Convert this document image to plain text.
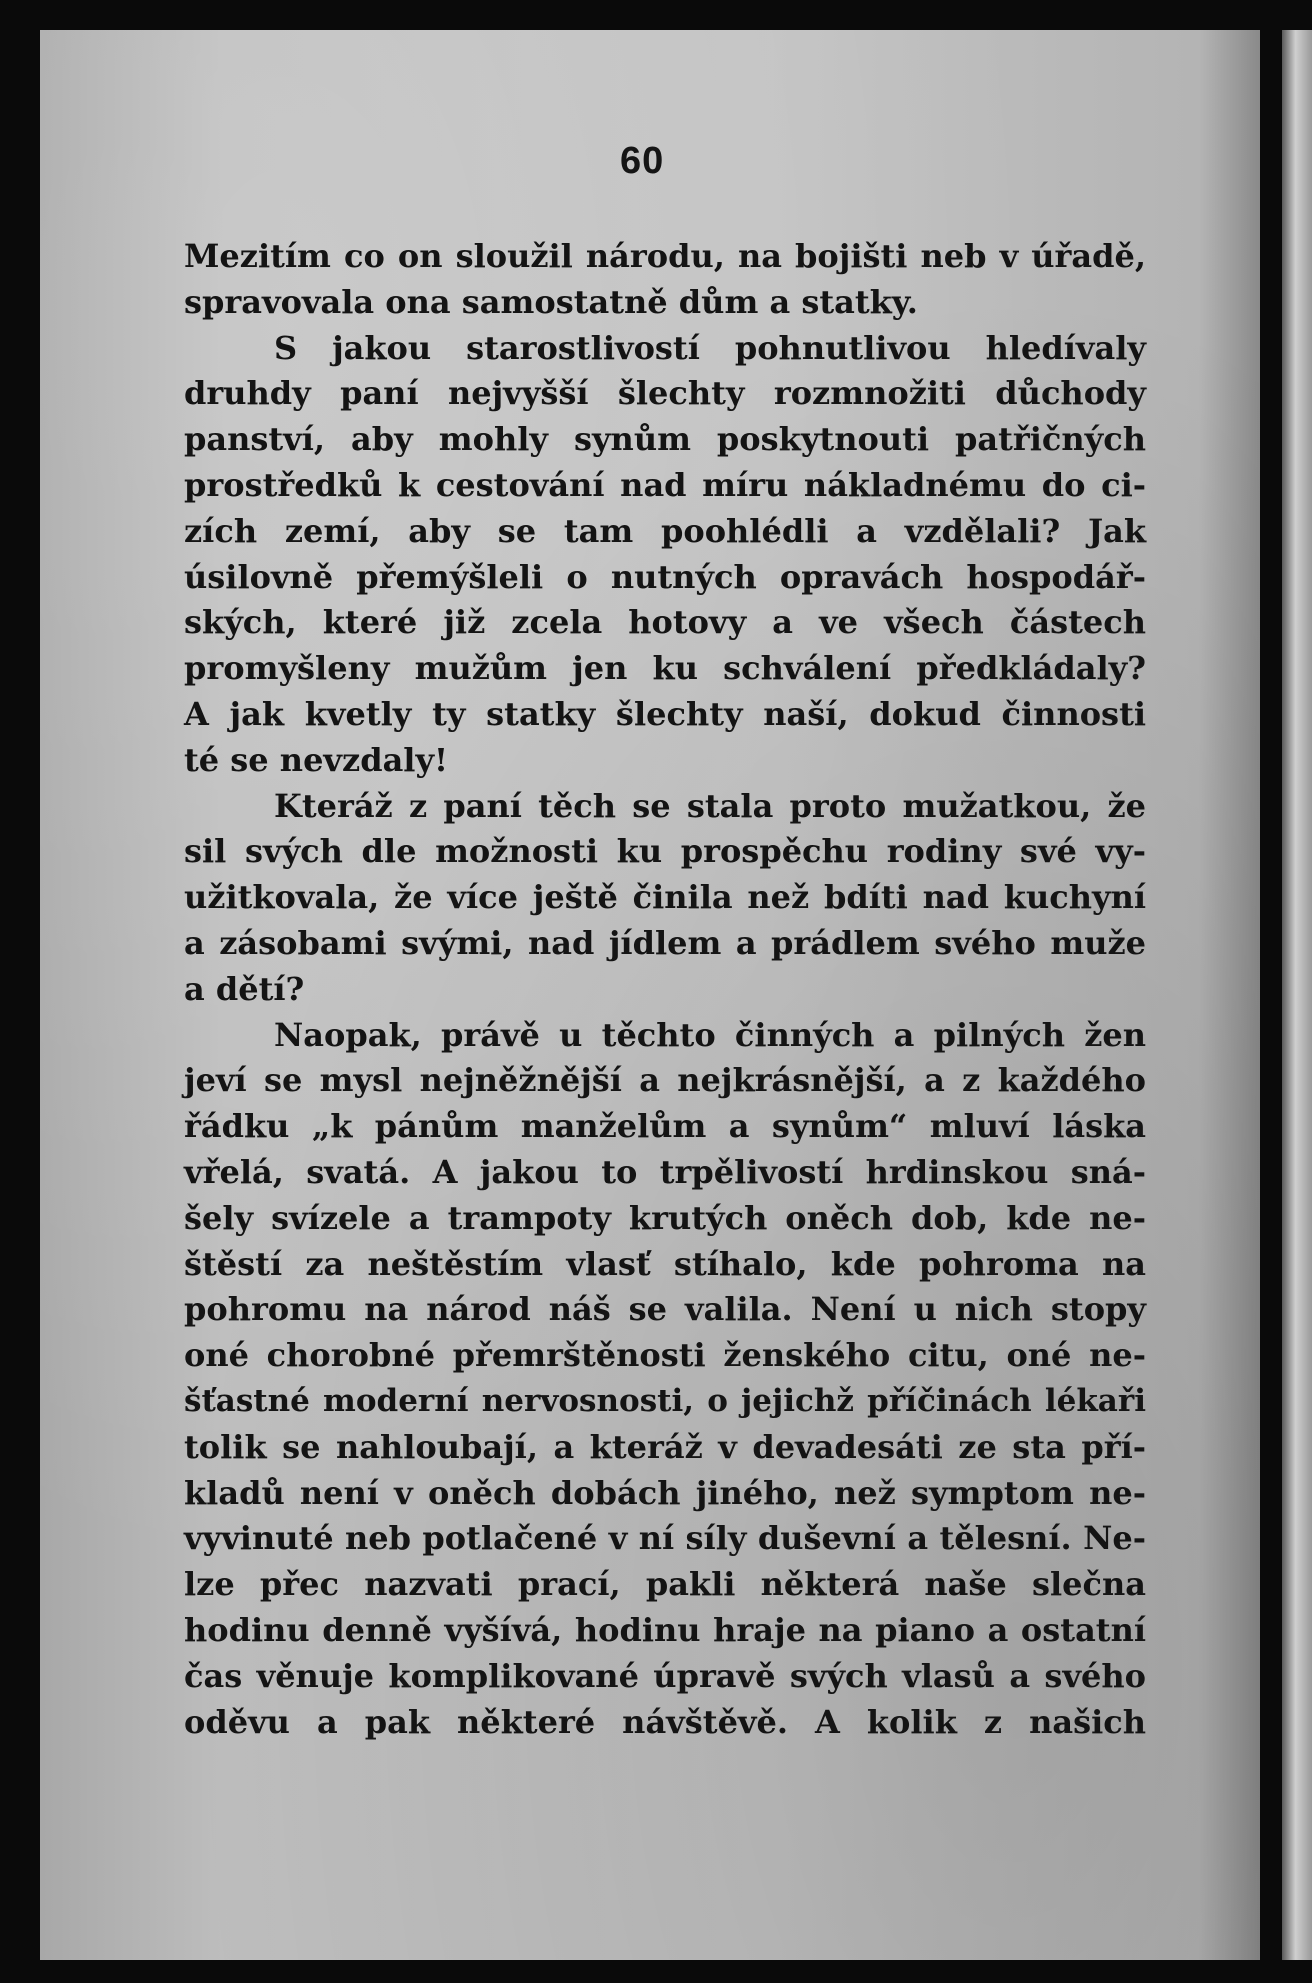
60
Mezitím co on sloužil národu, na bojišti neb v úřadě,
spravovala ona samostatně dům a statky.
S jakou starostlivostí pohnutlivou hledívaly
druhdy paní nejvyšší šlechty rozmnožiti důchody
panství, aby mohly synům poskytnouti patřičných
prostředků k cestování nad míru nákladnému do ci-
zích zemí, aby se tam poohlédli a vzdělali? Jak
úsilovně přemýšleli o nutných opravách hospodář-
ských, které již zcela hotovy a ve všech částech
promyšleny mužům jen ku schválení předkládaly?
A jak kvetly ty statky šlechty naší, dokud činnosti
té se nevzdaly!
Kteráž z paní těch se stala proto mužatkou, že
sil svých dle možnosti ku prospěchu rodiny své vy-
užitkovala, že více ještě činila než bdíti nad kuchyní
a zásobami svými, nad jídlem a prádlem svého muže
a dětí?
Naopak, právě u těchto činných a pilných žen
jeví se mysl nejněžnější a nejkrásnější, a z každého
řádku „k pánům manželům a synům“ mluví láska
vřelá, svatá. A jakou to trpělivostí hrdinskou sná-
šely svízele a trampoty krutých oněch dob, kde ne-
štěstí za neštěstím vlasť stíhalo, kde pohroma na
pohromu na národ náš se valila. Není u nich stopy
oné chorobné přemrštěnosti ženského citu, oné ne-
šťastné moderní nervosnosti, o jejichž příčinách lékaři
tolik se nahloubají, a kteráž v devadesáti ze sta pří-
kladů není v oněch dobách jiného, než symptom ne-
vyvinuté neb potlačené v ní síly duševní a tělesní. Ne-
lze přec nazvati prací, pakli některá naše slečna
hodinu denně vyšívá, hodinu hraje na piano a ostatní
čas věnuje komplikované úpravě svých vlasů a svého
oděvu a pak některé návštěvě. A kolik z našich
